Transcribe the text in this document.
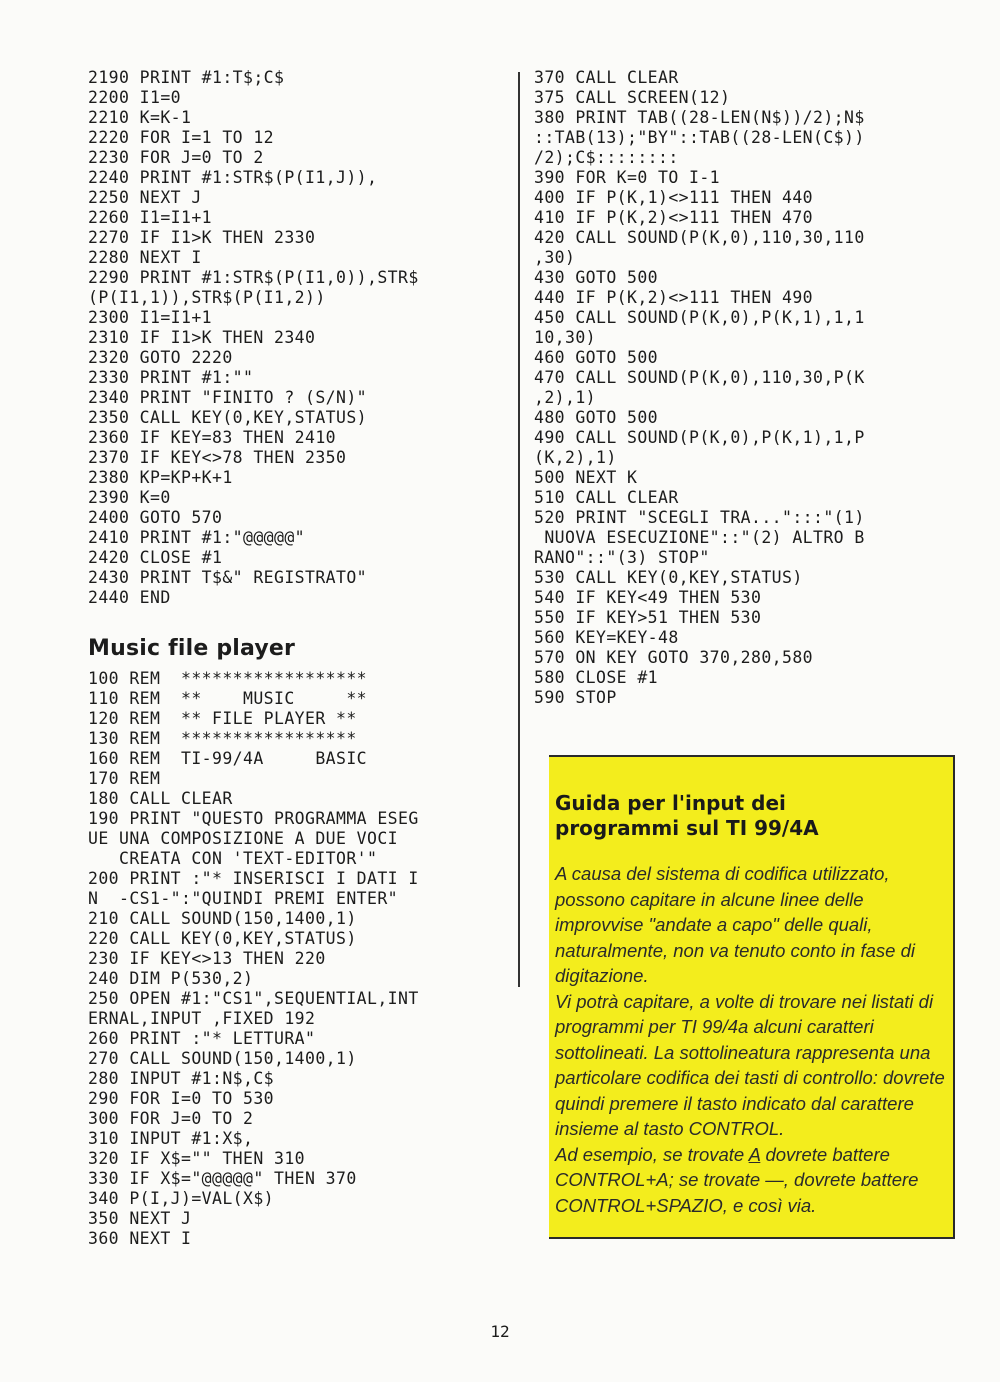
2190 PRINT #1:T$;C$
2200 I1=0
2210 K=K-1
2220 FOR I=1 TO 12
2230 FOR J=0 TO 2
2240 PRINT #1:STR$(P(I1,J)),
2250 NEXT J
2260 I1=I1+1
2270 IF I1>K THEN 2330
2280 NEXT I
2290 PRINT #1:STR$(P(I1,0)),STR$
(P(I1,1)),STR$(P(I1,2))
2300 I1=I1+1
2310 IF I1>K THEN 2340
2320 GOTO 2220
2330 PRINT #1:""
2340 PRINT "FINITO ? (S/N)"
2350 CALL KEY(0,KEY,STATUS)
2360 IF KEY=83 THEN 2410
2370 IF KEY<>78 THEN 2350
2380 KP=KP+K+1
2390 K=0
2400 GOTO 570
2410 PRINT #1:"@@@@@"
2420 CLOSE #1
2430 PRINT T$&" REGISTRATO"
2440 END
Music file player
100 REM  ******************
110 REM  **    MUSIC     **
120 REM  ** FILE PLAYER **
130 REM  *****************
160 REM  TI-99/4A     BASIC
170 REM
180 CALL CLEAR
190 PRINT "QUESTO PROGRAMMA ESEG
UE UNA COMPOSIZIONE A DUE VOCI
CREATA CON 'TEXT-EDITOR'"
200 PRINT :"* INSERISCI I DATI I
N  -CS1-":"QUINDI PREMI ENTER"
210 CALL SOUND(150,1400,1)
220 CALL KEY(0,KEY,STATUS)
230 IF KEY<>13 THEN 220
240 DIM P(530,2)
250 OPEN #1:"CS1",SEQUENTIAL,INT
ERNAL,INPUT ,FIXED 192
260 PRINT :"* LETTURA"
270 CALL SOUND(150,1400,1)
280 INPUT #1:N$,C$
290 FOR I=0 TO 530
300 FOR J=0 TO 2
310 INPUT #1:X$,
320 IF X$="" THEN 310
330 IF X$="@@@@@" THEN 370
340 P(I,J)=VAL(X$)
350 NEXT J
360 NEXT I
370 CALL CLEAR
375 CALL SCREEN(12)
380 PRINT TAB((28-LEN(N$))/2);N$
::TAB(13);"BY"::TAB((28-LEN(C$))
/2);C$::::::::
390 FOR K=0 TO I-1
400 IF P(K,1)<>111 THEN 440
410 IF P(K,2)<>111 THEN 470
420 CALL SOUND(P(K,0),110,30,110
,30)
430 GOTO 500
440 IF P(K,2)<>111 THEN 490
450 CALL SOUND(P(K,0),P(K,1),1,1
10,30)
460 GOTO 500
470 CALL SOUND(P(K,0),110,30,P(K
,2),1)
480 GOTO 500
490 CALL SOUND(P(K,0),P(K,1),1,P
(K,2),1)
500 NEXT K
510 CALL CLEAR
520 PRINT "SCEGLI TRA...":::"(1)
NUOVA ESECUZIONE"::"(2) ALTRO B
RANO"::"(3) STOP"
530 CALL KEY(0,KEY,STATUS)
540 IF KEY<49 THEN 530
550 IF KEY>51 THEN 530
560 KEY=KEY-48
570 ON KEY GOTO 370,280,580
580 CLOSE #1
590 STOP
Guida per l'input dei
programmi sul TI 99/4A

A causa del sistema di codifica utilizzato, possono capitare in alcune linee delle improvvise "andate a capo" delle quali, naturalmente, non va tenuto conto in fase di digitazione.

Vi potrà capitare, a volte di trovare nei listati di programmi per TI 99/4a alcuni caratteri sottolineati. La sottolineatura rappresenta una particolare codifica dei tasti di controllo: dovrete quindi premere il tasto indicato dal carattere insieme al tasto CONTROL.

Ad esempio, se trovate A dovrete battere CONTROL+A; se trovate —, dovrete battere CONTROL+SPAZIO, e così via.

12
